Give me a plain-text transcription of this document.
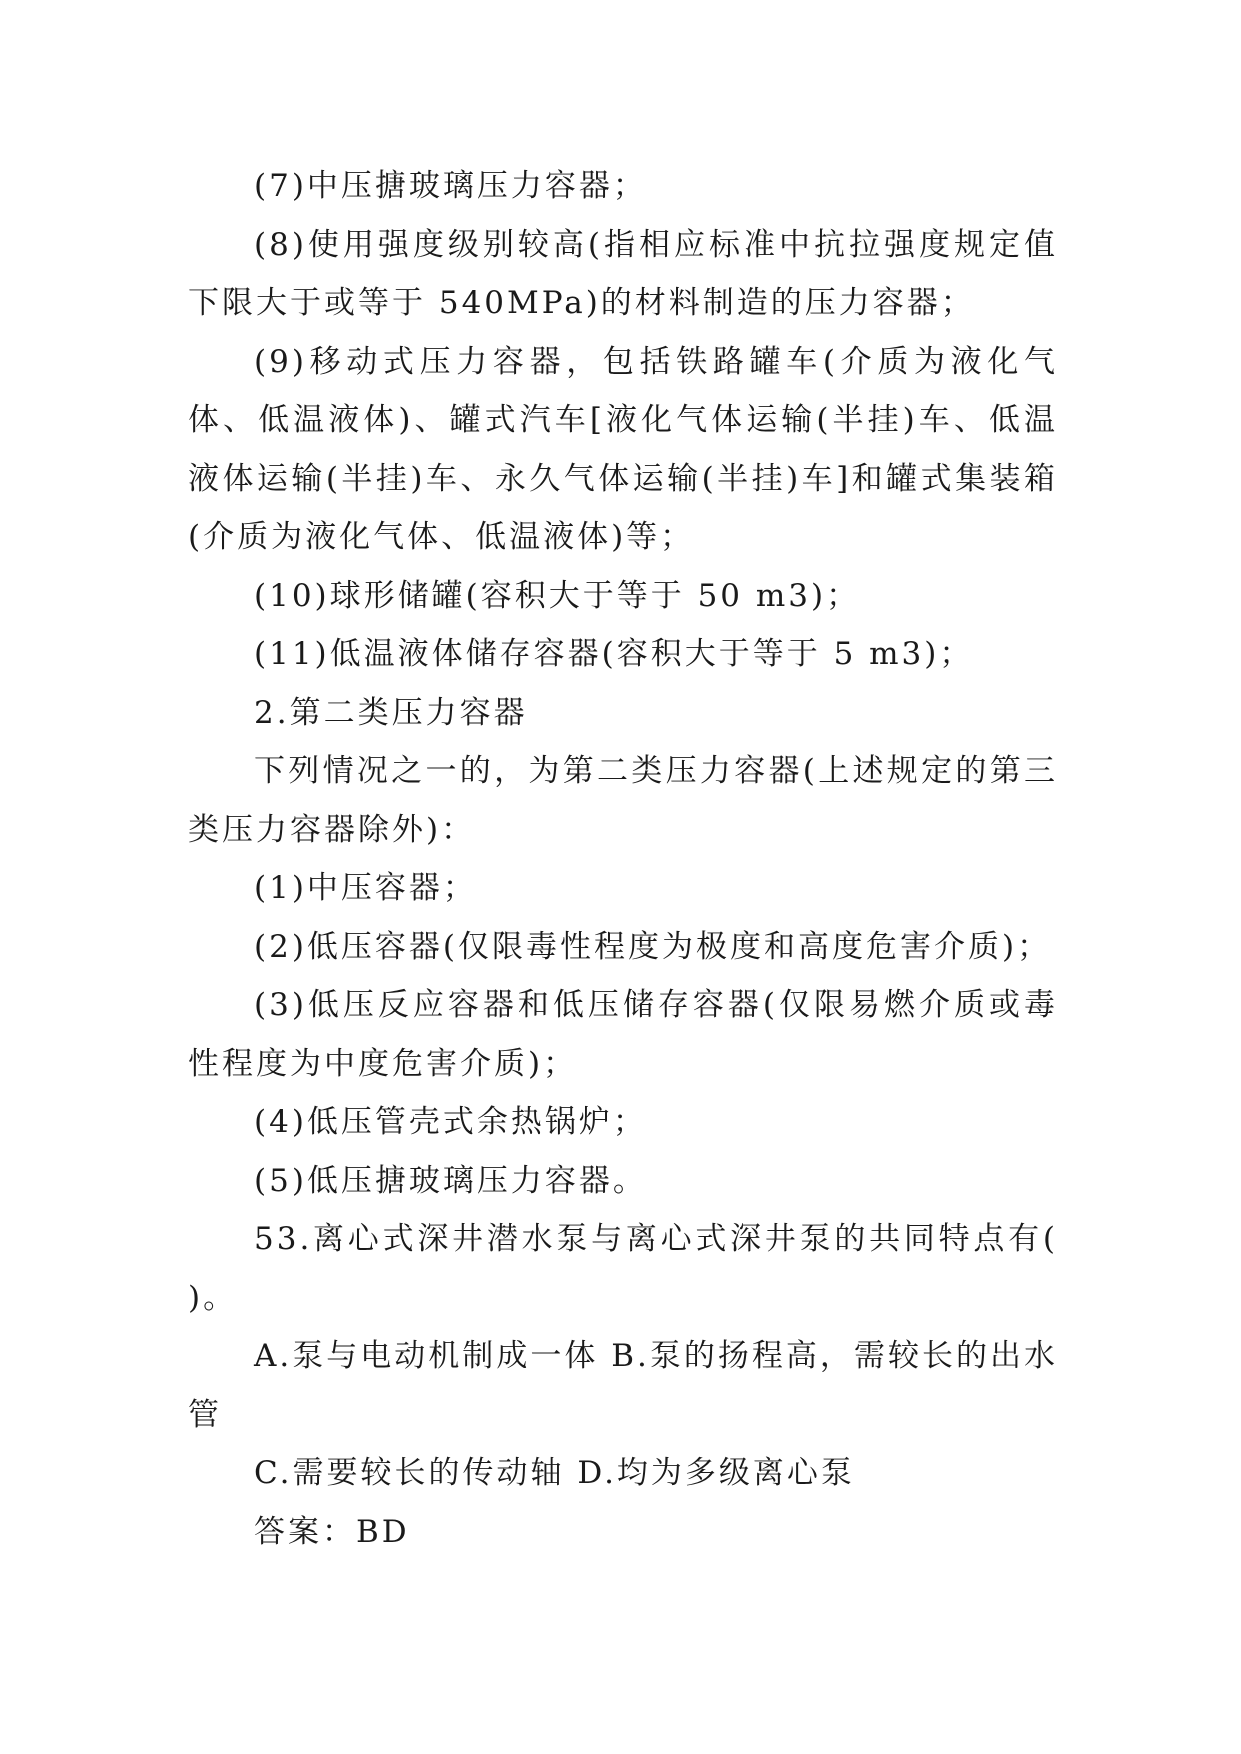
(7)中压搪玻璃压力容器；

(8)使用强度级别较高(指相应标准中抗拉强度规定值下限大于或等于 540MPa)的材料制造的压力容器；

(9)移动式压力容器，包括铁路罐车(介质为液化气体、低温液体)、罐式汽车[液化气体运输(半挂)车、低温液体运输(半挂)车、永久气体运输(半挂)车]和罐式集装箱(介质为液化气体、低温液体)等；

(10)球形储罐(容积大于等于 50 m3)；

(11)低温液体储存容器(容积大于等于 5 m3)；

2.第二类压力容器

下列情况之一的，为第二类压力容器(上述规定的第三类压力容器除外)：

(1)中压容器；

(2)低压容器(仅限毒性程度为极度和高度危害介质)；

(3)低压反应容器和低压储存容器(仅限易燃介质或毒性程度为中度危害介质)；

(4)低压管壳式余热锅炉；

(5)低压搪玻璃压力容器。

53.离心式深井潜水泵与离心式深井泵的共同特点有( )。

A.泵与电动机制成一体 B.泵的扬程高，需较长的出水管

C.需要较长的传动轴 D.均为多级离心泵

答案：BD
